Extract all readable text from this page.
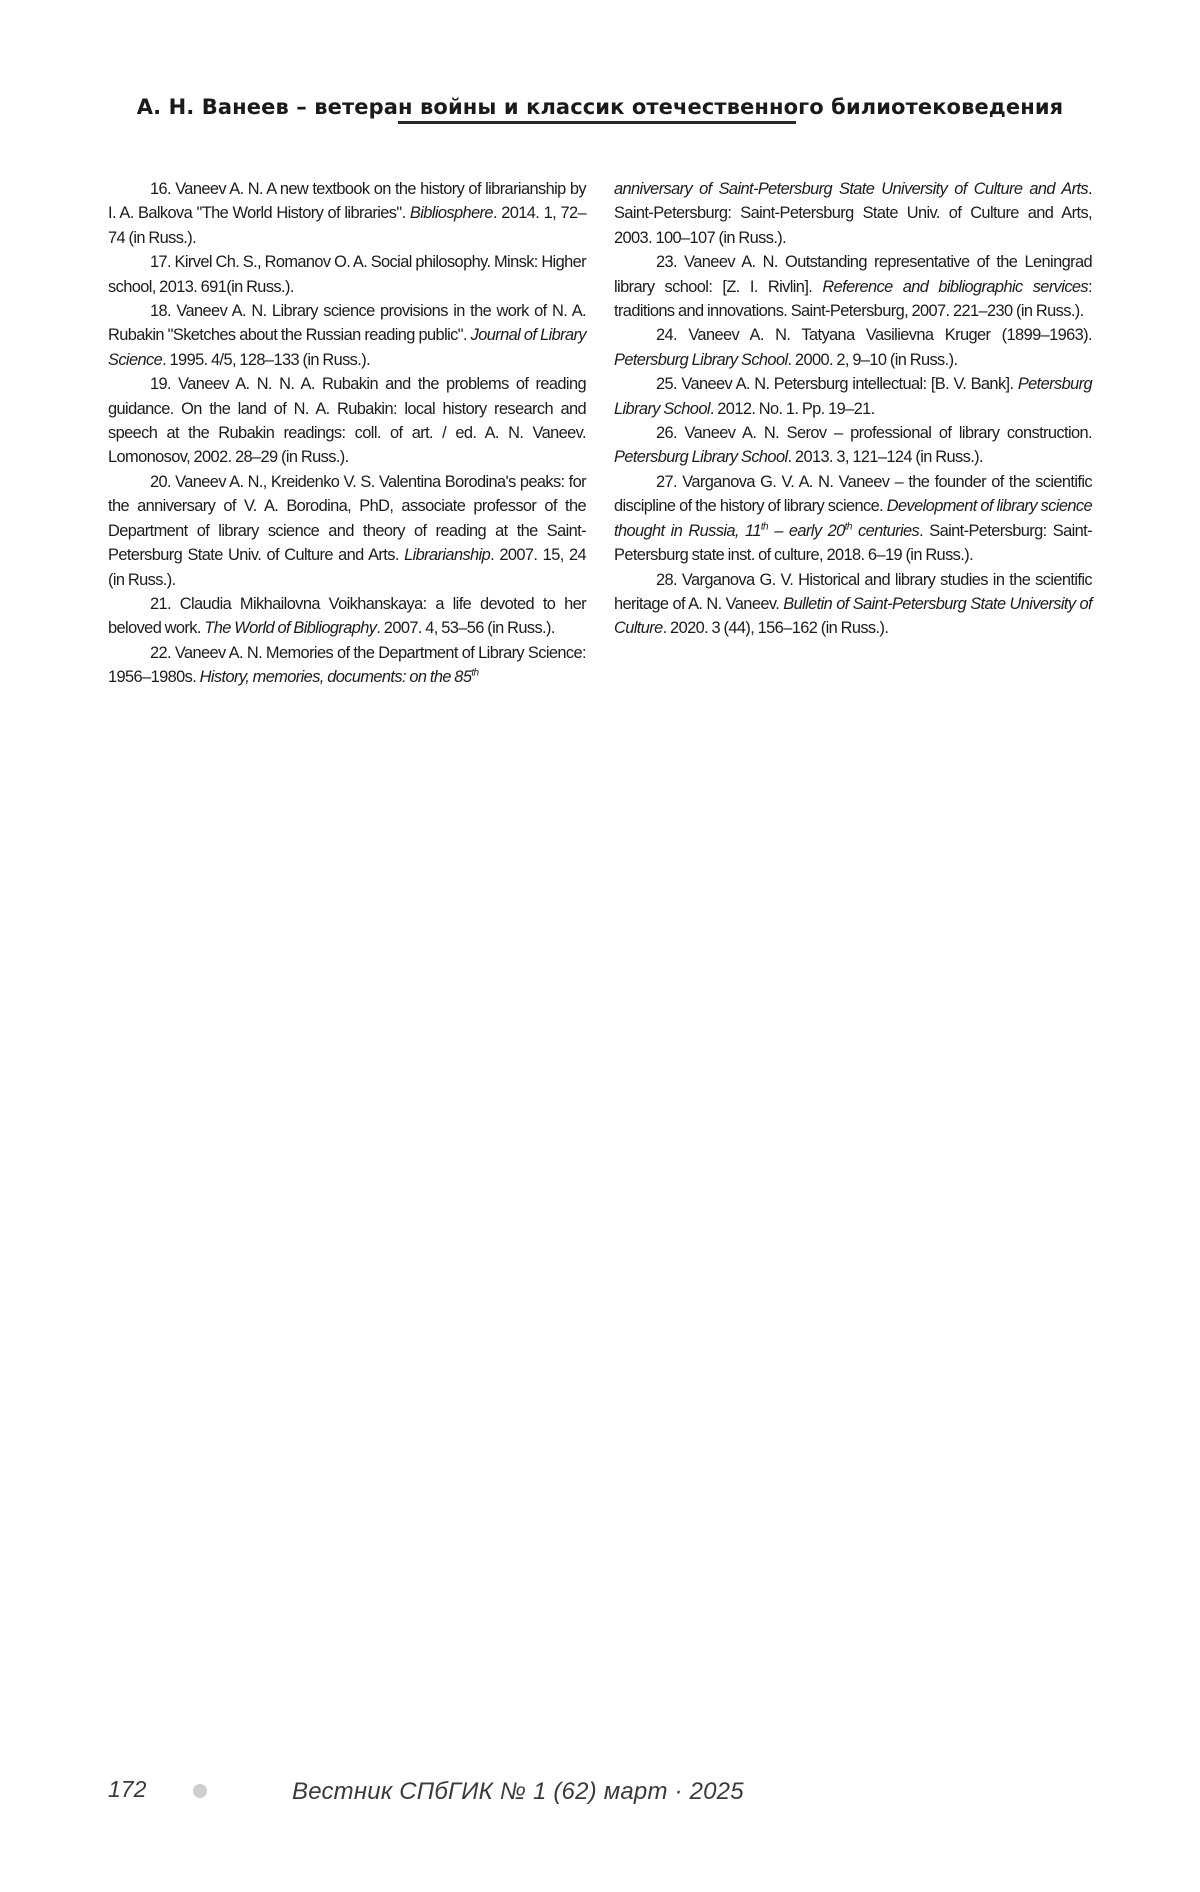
А. Н. Ванеев – ветеран войны и классик отечественного билиотековедения

16. Vaneev A. N. A new textbook on the history of librarianship by I. A. Balkova "The World History of libraries". Bibliosphere. 2014. 1, 72–74 (in Russ.).

17. Kirvel Ch. S., Romanov O. A. Social philosophy. Minsk: Higher school, 2013. 691(in Russ.).

18. Vaneev A. N. Library science provisions in the work of N. A. Rubakin "Sketches about the Russian reading public". Journal of Library Science. 1995. 4/5, 128–133 (in Russ.).

19. Vaneev A. N. N. A. Rubakin and the problems of reading guidance. On the land of N. A. Rubakin: local history research and speech at the Rubakin readings: coll. of art. / ed. A. N. Vaneev. Lomonosov, 2002. 28–29 (in Russ.).

20. Vaneev A. N., Kreidenko V. S. Valentina Borodina's peaks: for the anniversary of V. A. Borodina, PhD, associate professor of the Department of library science and theory of reading at the Saint-Petersburg State Univ. of Culture and Arts. Librarianship. 2007. 15, 24 (in Russ.).

21. Claudia Mikhailovna Voikhanskaya: a life devoted to her beloved work. The World of Bibliography. 2007. 4, 53–56 (in Russ.).

22. Vaneev A. N. Memories of the Department of Library Science: 1956–1980s. History, memories, documents: on the 85th

anniversary of Saint-Petersburg State University of Culture and Arts. Saint-Petersburg: Saint-Petersburg State Univ. of Culture and Arts, 2003. 100–107 (in Russ.).

23. Vaneev A. N. Outstanding representative of the Leningrad library school: [Z. I. Rivlin]. Reference and bibliographic services: traditions and innovations. Saint-Petersburg, 2007. 221–230 (in Russ.).

24. Vaneev A. N. Tatyana Vasilievna Kruger (1899–1963). Petersburg Library School. 2000. 2, 9–10 (in Russ.).

25. Vaneev A. N. Petersburg intellectual: [B. V. Bank]. Petersburg Library School. 2012. No. 1. Pp. 19–21.

26. Vaneev A. N. Serov – professional of library construction. Petersburg Library School. 2013. 3, 121–124 (in Russ.).

27. Varganova G. V. A. N. Vaneev – the founder of the scientific discipline of the history of library science. Development of library science thought in Russia, 11th – early 20th centuries. Saint-Petersburg: Saint-Petersburg state inst. of culture, 2018. 6–19 (in Russ.).

28. Varganova G. V. Historical and library studies in the scientific heritage of A. N. Vaneev. Bulletin of Saint-Petersburg State University of Culture. 2020. 3 (44), 156–162 (in Russ.).

172	Вестник СПбГИК № 1 (62) март · 2025
